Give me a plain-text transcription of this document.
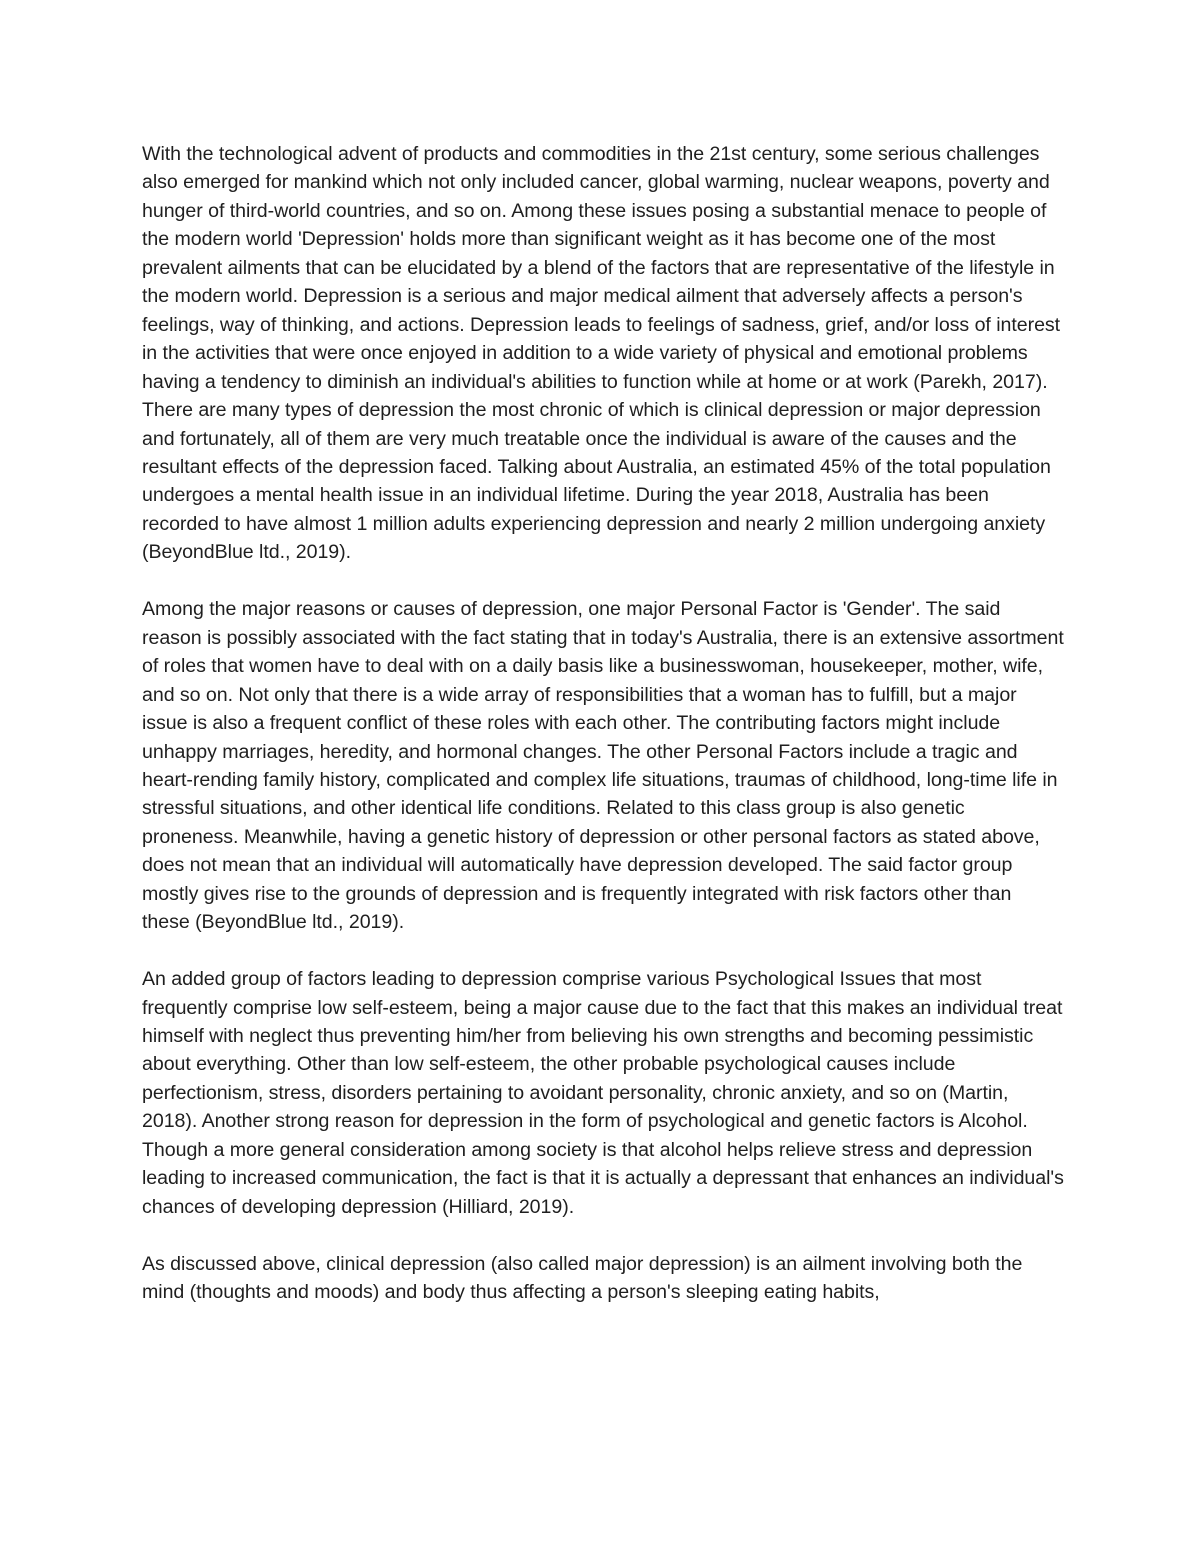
With the technological advent of products and commodities in the 21st century, some serious challenges also emerged for mankind which not only included cancer, global warming, nuclear weapons, poverty and hunger of third-world countries, and so on. Among these issues posing a substantial menace to people of the modern world 'Depression' holds more than significant weight as it has become one of the most prevalent ailments that can be elucidated by a blend of the factors that are representative of the lifestyle in the modern world. Depression is a serious and major medical ailment that adversely affects a person's feelings, way of thinking, and actions. Depression leads to feelings of sadness, grief, and/or loss of interest in the activities that were once enjoyed in addition to a wide variety of physical and emotional problems having a tendency to diminish an individual's abilities to function while at home or at work (Parekh, 2017). There are many types of depression the most chronic of which is clinical depression or major depression and fortunately, all of them are very much treatable once the individual is aware of the causes and the resultant effects of the depression faced. Talking about Australia, an estimated 45% of the total population undergoes a mental health issue in an individual lifetime. During the year 2018, Australia has been recorded to have almost 1 million adults experiencing depression and nearly 2 million undergoing anxiety (BeyondBlue ltd., 2019).

Among the major reasons or causes of depression, one major Personal Factor is 'Gender'. The said reason is possibly associated with the fact stating that in today's Australia, there is an extensive assortment of roles that women have to deal with on a daily basis like a businesswoman, housekeeper, mother, wife, and so on. Not only that there is a wide array of responsibilities that a woman has to fulfill, but a major issue is also a frequent conflict of these roles with each other. The contributing factors might include unhappy marriages, heredity, and hormonal changes. The other Personal Factors include a tragic and heart-rending family history, complicated and complex life situations, traumas of childhood, long-time life in stressful situations, and other identical life conditions. Related to this class group is also genetic proneness. Meanwhile, having a genetic history of depression or other personal factors as stated above, does not mean that an individual will automatically have depression developed. The said factor group mostly gives rise to the grounds of depression and is frequently integrated with risk factors other than these (BeyondBlue ltd., 2019).

An added group of factors leading to depression comprise various Psychological Issues that most frequently comprise low self-esteem, being a major cause due to the fact that this makes an individual treat himself with neglect thus preventing him/her from believing his own strengths and becoming pessimistic about everything. Other than low self-esteem, the other probable psychological causes include perfectionism, stress, disorders pertaining to avoidant personality, chronic anxiety, and so on (Martin, 2018). Another strong reason for depression in the form of psychological and genetic factors is Alcohol. Though a more general consideration among society is that alcohol helps relieve stress and depression leading to increased communication, the fact is that it is actually a depressant that enhances an individual's chances of developing depression (Hilliard, 2019).

As discussed above, clinical depression (also called major depression) is an ailment involving both the mind (thoughts and moods) and body thus affecting a person's sleeping eating habits,
